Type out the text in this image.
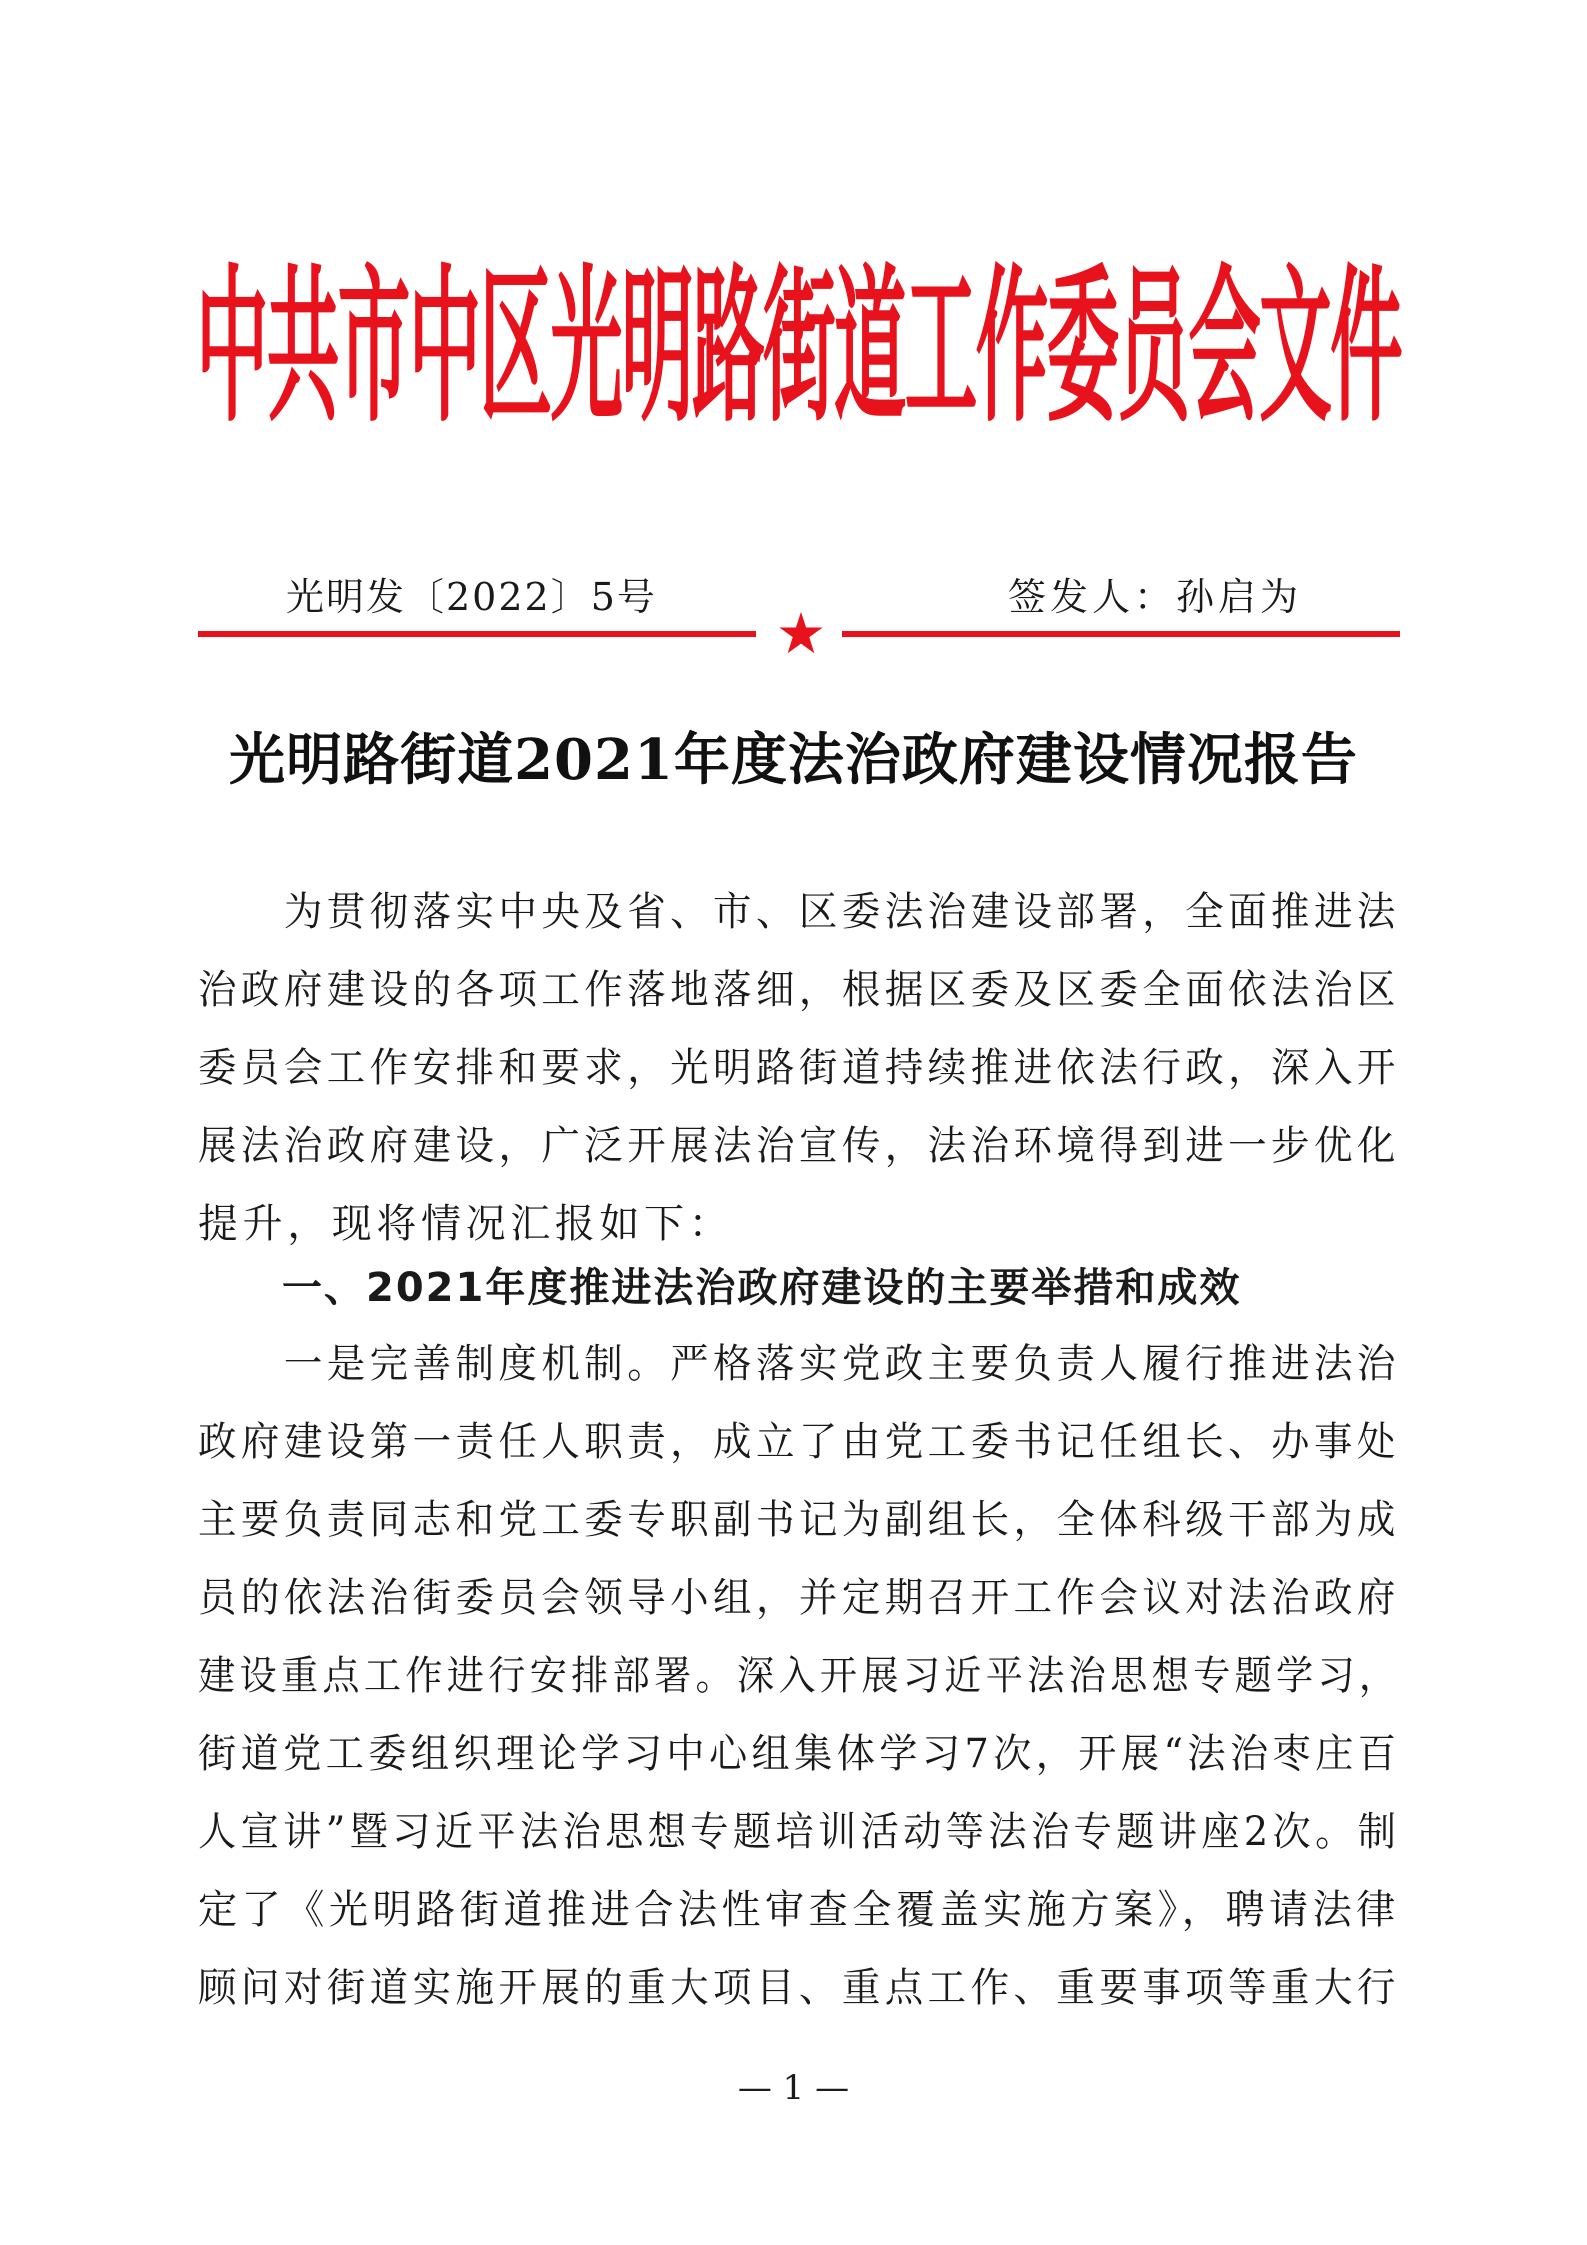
中共市中区光明路街道工作委员会文件
光明发〔2022〕5号	签发人：孙启为
光明路街道2021年度法治政府建设情况报告
　　为贯彻落实中央及省、市、区委法治建设部署，全面推进法
治政府建设的各项工作落地落细，根据区委及区委全面依法治区
委员会工作安排和要求，光明路街道持续推进依法行政，深入开
展法治政府建设，广泛开展法治宣传，法治环境得到进一步优化
提升，现将情况汇报如下：
　　一、2021年度推进法治政府建设的主要举措和成效
　　一是完善制度机制。严格落实党政主要负责人履行推进法治
政府建设第一责任人职责，成立了由党工委书记任组长、办事处
主要负责同志和党工委专职副书记为副组长，全体科级干部为成
员的依法治街委员会领导小组，并定期召开工作会议对法治政府
建设重点工作进行安排部署。深入开展习近平法治思想专题学习，
街道党工委组织理论学习中心组集体学习7次，开展“法治枣庄百
人宣讲”暨习近平法治思想专题培训活动等法治专题讲座2次。制
定了《光明路街道推进合法性审查全覆盖实施方案》，聘请法律
顾问对街道实施开展的重大项目、重点工作、重要事项等重大行
— 1 —
